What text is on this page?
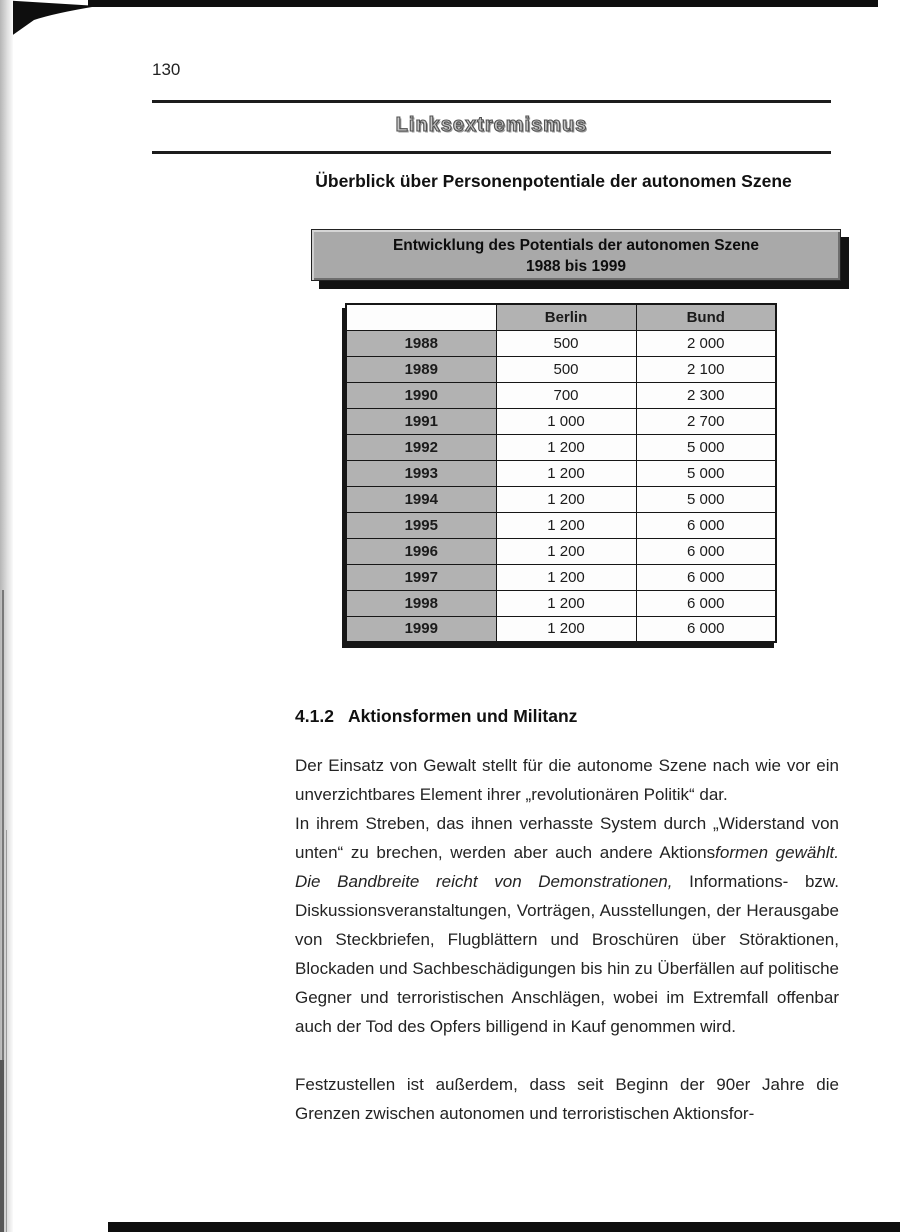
130
Linksextremismus
Überblick über Personenpotentiale der autonomen Szene
Entwicklung des Potentials der autonomen Szene
1988 bis 1999
	Berlin	Bund
1988	500	2 000
1989	500	2 100
1990	700	2 300
1991	1 000	2 700
1992	1 200	5 000
1993	1 200	5 000
1994	1 200	5 000
1995	1 200	6 000
1996	1 200	6 000
1997	1 200	6 000
1998	1 200	6 000
1999	1 200	6 000
4.1.2 Aktionsformen und Militanz

Der Einsatz von Gewalt stellt für die autonome Szene nach wie vor ein unverzichtbares Element ihrer „revolutionären Politik“ dar.

In ihrem Streben, das ihnen verhasste System durch „Widerstand von unten“ zu brechen, werden aber auch andere Aktionsformen gewählt. Die Bandbreite reicht von Demonstrationen, Informations- bzw. Diskussionsveranstaltungen, Vorträgen, Ausstellungen, der Herausgabe von Steckbriefen, Flugblättern und Broschüren über Störaktionen, Blockaden und Sachbeschädigungen bis hin zu Überfällen auf politische Gegner und terroristischen Anschlägen, wobei im Extremfall offenbar auch der Tod des Opfers billigend in Kauf genommen wird.

Festzustellen ist außerdem, dass seit Beginn der 90er Jahre die Grenzen zwischen autonomen und terroristischen Aktionsfor-
